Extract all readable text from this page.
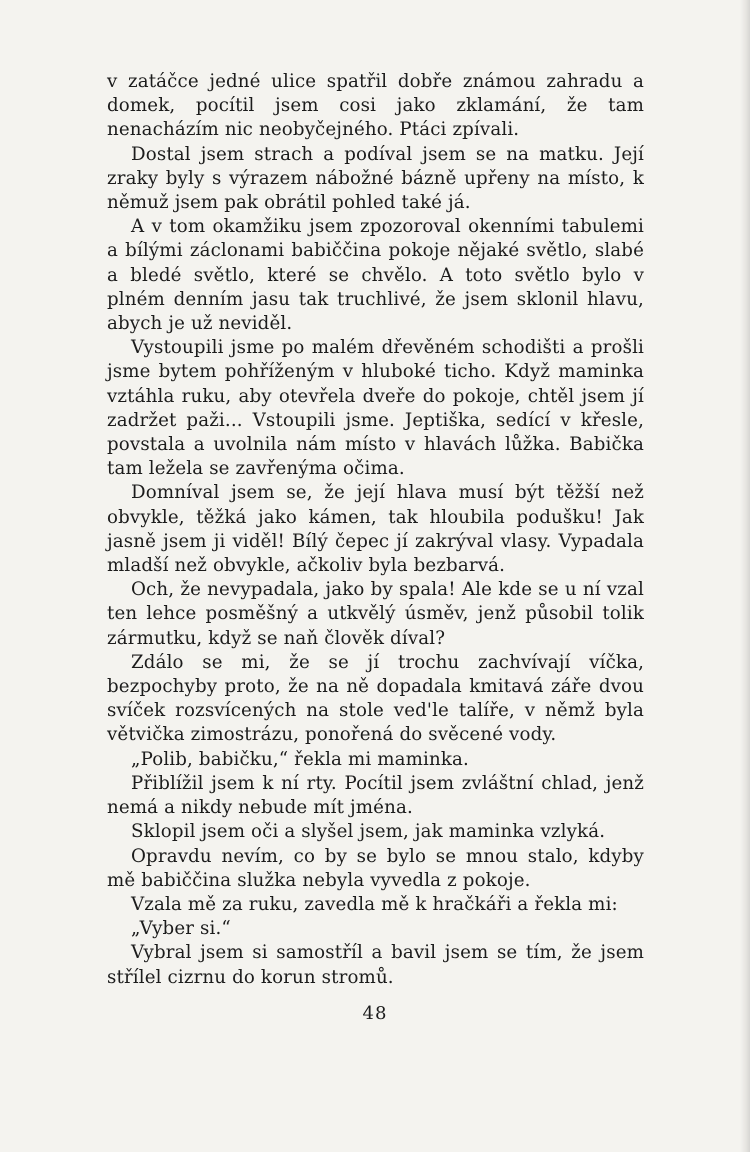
v zatáčce jedné ulice spatřil dobře známou zahradu a domek, pocítil jsem cosi jako zklamání, že tam nenacházím nic neobyčejného. Ptáci zpívali.

Dostal jsem strach a podíval jsem se na matku. Její zraky byly s výrazem nábožné bázně upřeny na místo, k němuž jsem pak obrátil pohled také já.

A v tom okamžiku jsem zpozoroval okenními tabulemi a bílými záclonami babiččina pokoje nějaké světlo, slabé a bledé světlo, které se chvělo. A toto světlo bylo v plném denním jasu tak truchlivé, že jsem sklonil hlavu, abych je už neviděl.

Vystoupili jsme po malém dřevěném schodišti a prošli jsme bytem pohříženým v hluboké ticho. Když maminka vztáhla ruku, aby otevřela dveře do pokoje, chtěl jsem jí zadržet paži... Vstoupili jsme. Jeptiška, sedící v křesle, povstala a uvolnila nám místo v hlavách lůžka. Babička tam ležela se zavřenýma očima.

Domníval jsem se, že její hlava musí být těžší než obvykle, těžká jako kámen, tak hloubila podušku! Jak jasně jsem ji viděl! Bílý čepec jí zakrýval vlasy. Vypadala mladší než obvykle, ačkoliv byla bezbarvá.

Och, že nevypadala, jako by spala! Ale kde se u ní vzal ten lehce posměšný a utkvělý úsměv, jenž působil tolik zármutku, když se naň člověk díval?

Zdálo se mi, že se jí trochu zachvívají víčka, bezpochyby proto, že na ně dopadala kmitavá záře dvou svíček rozsvícených na stole ved'le talíře, v němž byla větvička zimostrázu, ponořená do svěcené vody.

„Polib, babičku,“ řekla mi maminka.

Přiblížil jsem k ní rty. Pocítil jsem zvláštní chlad, jenž nemá a nikdy nebude mít jména.

Sklopil jsem oči a slyšel jsem, jak maminka vzlyká.

Opravdu nevím, co by se bylo se mnou stalo, kdyby mě babiččina služka nebyla vyvedla z pokoje.

Vzala mě za ruku, zavedla mě k hračkáři a řekla mi:

„Vyber si.“

Vybral jsem si samostříl a bavil jsem se tím, že jsem střílel cizrnu do korun stromů.

48
